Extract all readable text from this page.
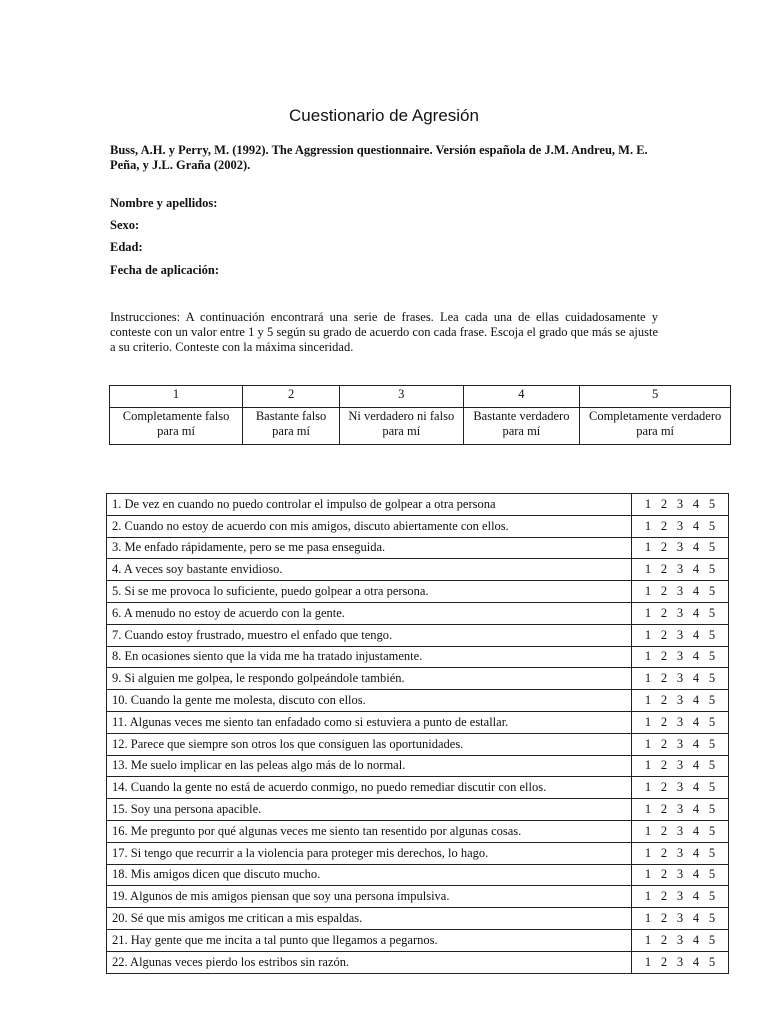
Cuestionario de Agresión

Buss, A.H. y Perry, M. (1992). The Aggression questionnaire. Versión española de J.M. Andreu, M. E. Peña, y J.L. Graña (2002).

Nombre y apellidos:

Sexo:

Edad:

Fecha de aplicación:

Instrucciones: A continuación encontrará una serie de frases. Lea cada una de ellas cuidadosamente y conteste con un valor entre 1 y 5 según su grado de acuerdo con cada frase. Escoja el grado que más se ajuste a su criterio. Conteste con la máxima sinceridad.

1	2	3	4	5
Completamente falso para mí	Bastante falso para mí	Ni verdadero ni falso para mí	Bastante verdadero para mí	Completamente verdadero para mí
1. De vez en cuando no puedo controlar el impulso de golpear a otra persona	1 2 3 4 5
2. Cuando no estoy de acuerdo con mis amigos, discuto abiertamente con ellos.	1 2 3 4 5
3. Me enfado rápidamente, pero se me pasa enseguida.	1 2 3 4 5
4. A veces soy bastante envidioso.	1 2 3 4 5
5. Si se me provoca lo suficiente, puedo golpear a otra persona.	1 2 3 4 5
6. A menudo no estoy de acuerdo con la gente.	1 2 3 4 5
7. Cuando estoy frustrado, muestro el enfado que tengo.	1 2 3 4 5
8. En ocasiones siento que la vida me ha tratado injustamente.	1 2 3 4 5
9. Si alguien me golpea, le respondo golpeándole también.	1 2 3 4 5
10. Cuando la gente me molesta, discuto con ellos.	1 2 3 4 5
11. Algunas veces me siento tan enfadado como si estuviera a punto de estallar.	1 2 3 4 5
12. Parece que siempre son otros los que consiguen las oportunidades.	1 2 3 4 5
13. Me suelo implicar en las peleas algo más de lo normal.	1 2 3 4 5
14. Cuando la gente no está de acuerdo conmigo, no puedo remediar discutir con ellos.	1 2 3 4 5
15. Soy una persona apacible.	1 2 3 4 5
16. Me pregunto por qué algunas veces me siento tan resentido por algunas cosas.	1 2 3 4 5
17. Si tengo que recurrir a la violencia para proteger mis derechos, lo hago.	1 2 3 4 5
18. Mis amigos dicen que discuto mucho.	1 2 3 4 5
19. Algunos de mis amigos piensan que soy una persona impulsiva.	1 2 3 4 5
20. Sé que mis amigos me critican a mis espaldas.	1 2 3 4 5
21. Hay gente que me incita a tal punto que llegamos a pegarnos.	1 2 3 4 5
22. Algunas veces pierdo los estribos sin razón.	1 2 3 4 5
